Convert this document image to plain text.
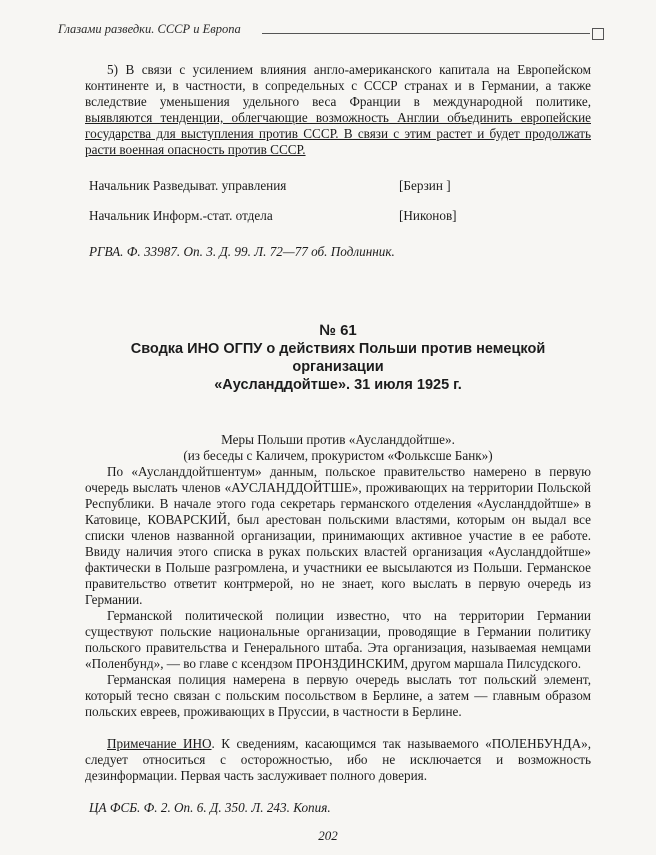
Глазами разведки. СССР и Европа

5) В связи с усилением влияния англо-американского капитала на Европейском континенте и, в частности, в сопредельных с СССР странах и в Германии, а также вследствие уменьшения удельного веса Франции в международной политике, выявляются тенденции, облегчающие возможность Англии объединить европейские государства для выступления против СССР. В связи с этим растет и будет продолжать расти военная опасность против СССР.

Начальник Разведыват. управления	[Берзин ]
Начальник Информ.-стат. отдела	[Никонов]

РГВА. Ф. 33987. Оп. 3. Д. 99. Л. 72—77 об. Подлинник.

№ 61

Сводка ИНО ОГПУ о действиях Польши против немецкой организации

«Аусланддойтше». 31 июля 1925 г.

Меры Польши против «Аусланддойтше».

(из беседы с Каличем, прокуристом «Фольксше Банк»)

По «Аусланддойтшентум» данным, польское правительство намерено в первую очередь выслать членов «АУСЛАНДДОЙТШЕ», проживающих на территории Польской Республики. В начале этого года секретарь германского отделения «Аусланддойтше» в Катовице, КОВАРСКИЙ, был арестован польскими властями, которым он выдал все списки членов названной организации, принимающих активное участие в ее работе. Ввиду наличия этого списка в руках польских властей организация «Аусланддойтше» фактически в Польше разгромлена, и участники ее высылаются из Польши. Германское правительство ответит контрмерой, но не знает, кого выслать в первую очередь из Германии.

Германской политической полиции известно, что на территории Германии существуют польские национальные организации, проводящие в Германии политику польского правительства и Генерального штаба. Эта организация, называемая немцами «Поленбунд», — во главе с ксендзом ПРОНЗДИНСКИМ, другом маршала Пилсудского.

Германская полиция намерена в первую очередь выслать тот польский элемент, который тесно связан с польским посольством в Берлине, а затем — главным образом польских евреев, проживающих в Пруссии, в частности в Берлине.

Примечание ИНО. К сведениям, касающимся так называемого «ПОЛЕНБУНДА», следует относиться с осторожностью, ибо не исключается и возможность дезинформации. Первая часть заслуживает полного доверия.

ЦА ФСБ. Ф. 2. Оп. 6. Д. 350. Л. 243. Копия.

202
